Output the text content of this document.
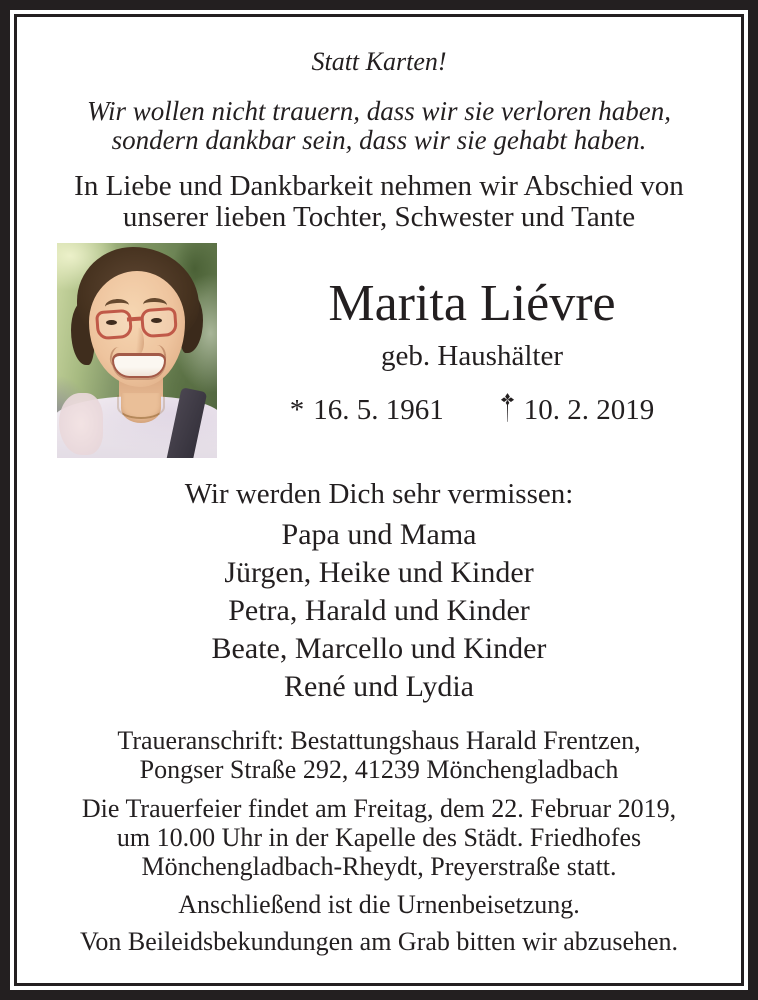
Statt Karten!
Wir wollen nicht trauern, dass wir sie verloren haben,
sondern dankbar sein, dass wir sie gehabt haben.
In Liebe und Dankbarkeit nehmen wir Abschied von
unserer lieben Tochter, Schwester und Tante
Marita Liévre
geb. Haushälter
* 16. 5. 1961	10. 2. 2019
Wir werden Dich sehr vermissen:
Papa und Mama
Jürgen, Heike und Kinder
Petra, Harald und Kinder
Beate, Marcello und Kinder
René und Lydia
Traueranschrift: Bestattungshaus Harald Frentzen,
Pongser Straße 292, 41239 Mönchengladbach
Die Trauerfeier findet am Freitag, dem 22. Februar 2019,
um 10.00 Uhr in der Kapelle des Städt. Friedhofes
Mönchengladbach-Rheydt, Preyerstraße statt.
Anschließend ist die Urnenbeisetzung.
Von Beileidsbekundungen am Grab bitten wir abzusehen.
